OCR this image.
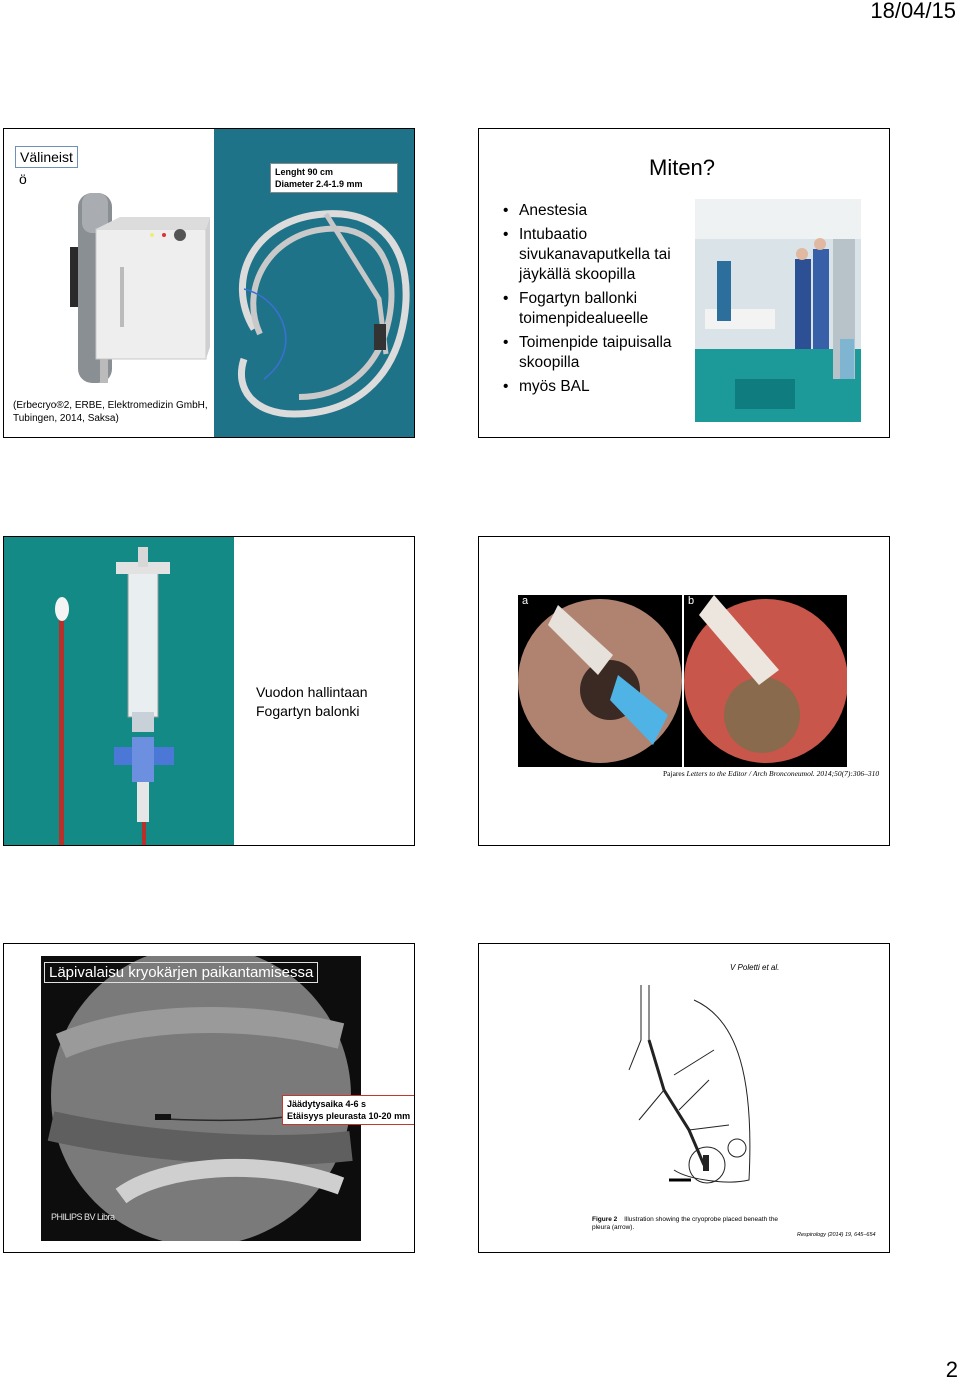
18/04/15
Välineist
ö
(Erbecryo®2, ERBE, Elektromedizin GmbH,
Tubingen, 2014, Saksa)
Lenght 90 cm
Diameter 2.4-1.9 mm
Miten?
• Anestesia
• Intubaatio sivukanavaputkella tai jäykällä skoopilla
• Fogartyn ballonki toimenpidealueelle
• Toimenpide taipuisalla skoopilla
• myös BAL
Vuodon hallintaan
Fogartyn balonki
a	b
Pajares Letters to the Editor / Arch Bronconeumol. 2014;50(7):306–310
PHILIPS BV Libra
Läpivalaisu kryokärjen paikantamisessa
Jäädytysaika 4-6 s
Etäisyys pleurasta 10-20 mm
V Poletti et al.
Figure 2 Illustration showing the cryoprobe placed beneath the
pleura (arrow).
Respirology (2014) 19, 645–654
2
